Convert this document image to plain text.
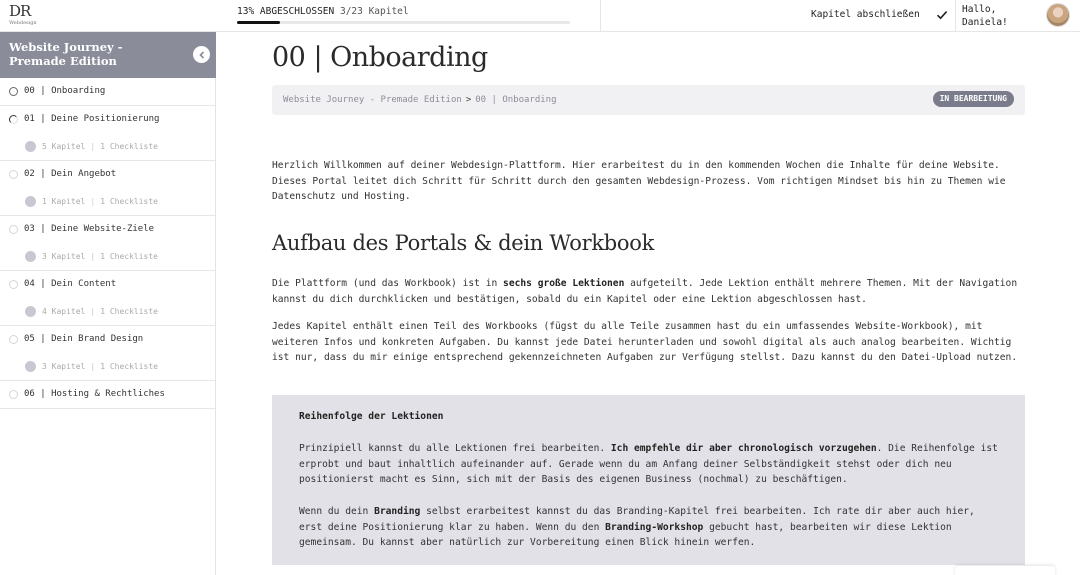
DR
Webdesign
13% ABGESCHLOSSEN 3/23 Kapitel	Kapitel abschließen	Hallo,
Daniela!
Website Journey - Premade Edition
00 | Onboarding
01 | Deine Positionierung
5 Kapitel | 1 Checkliste
02 | Dein Angebot
1 Kapitel | 1 Checkliste
03 | Deine Website-Ziele
3 Kapitel | 1 Checkliste
04 | Dein Content
4 Kapitel | 1 Checkliste
05 | Dein Brand Design
3 Kapitel | 1 Checkliste
06 | Hosting & Rechtliches
00 | Onboarding
Website Journey - Premade Edition > 00 | Onboarding	IN BEARBEITUNG

Herzlich Willkommen auf deiner Webdesign-Plattform. Hier erarbeitest du in den kommenden Wochen die Inhalte für deine Website. Dieses Portal leitet dich Schritt für Schritt durch den gesamten Webdesign-Prozess. Vom richtigen Mindset bis hin zu Themen wie Datenschutz und Hosting.

Aufbau des Portals & dein Workbook

Die Plattform (und das Workbook) ist in sechs große Lektionen aufgeteilt. Jede Lektion enthält mehrere Themen. Mit der Navigation kannst du dich durchklicken und bestätigen, sobald du ein Kapitel oder eine Lektion abgeschlossen hast.

Jedes Kapitel enthält einen Teil des Workbooks (fügst du alle Teile zusammen hast du ein umfassendes Website-Workbook), mit weiteren Infos und konkreten Aufgaben. Du kannst jede Datei herunterladen und sowohl digital als auch analog bearbeiten. Wichtig ist nur, dass du mir einige entsprechend gekennzeichneten Aufgaben zur Verfügung stellst. Dazu kannst du den Datei-Upload nutzen.

Reihenfolge der Lektionen

Prinzipiell kannst du alle Lektionen frei bearbeiten. Ich empfehle dir aber chronologisch vorzugehen. Die Reihenfolge ist erprobt und baut inhaltlich aufeinander auf. Gerade wenn du am Anfang deiner Selbständigkeit stehst oder dich neu positionierst macht es Sinn, sich mit der Basis des eigenen Business (nochmal) zu beschäftigen.

Wenn du dein Branding selbst erarbeitest kannst du das Branding-Kapitel frei bearbeiten. Ich rate dir aber auch hier, erst deine Positionierung klar zu haben. Wenn du den Branding-Workshop gebucht hast, bearbeiten wir diese Lektion gemeinsam. Du kannst aber natürlich zur Vorbereitung einen Blick hinein werfen.
